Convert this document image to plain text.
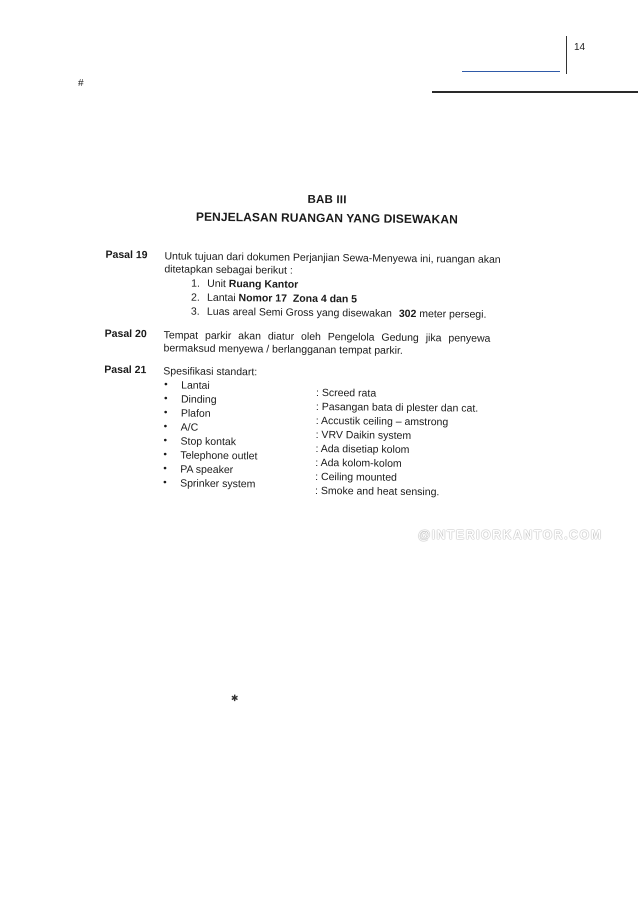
14
#
BAB III
PENJELASAN RUANGAN YANG DISEWAKAN
Pasal 19 Untuk tujuan dari dokumen Perjanjian Sewa-Menyewa ini, ruangan akan
ditetapkan sebagai berikut :
1. Unit Ruang Kantor
2. Lantai Nomor 17  Zona 4 dan 5
3. Luas areal Semi Gross yang disewakan 302 meter persegi.
Pasal 20 Tempat parkir akan diatur oleh Pengelola Gedung jika penyewa
bermaksud menyewa / berlangganan tempat parkir.
Pasal 21 Spesifikasi standart:
• Lantai
: Screed rata
• Dinding
: Pasangan bata di plester dan cat.
• Plafon
: Accustik ceiling – amstrong
• A/C
: VRV Daikin system
• Stop kontak
: Ada disetiap kolom
• Telephone outlet
: Ada kolom-kolom
• PA speaker
: Ceiling mounted
• Sprinker system
: Smoke and heat sensing.
✱
@INTERIORKANTOR.COM
